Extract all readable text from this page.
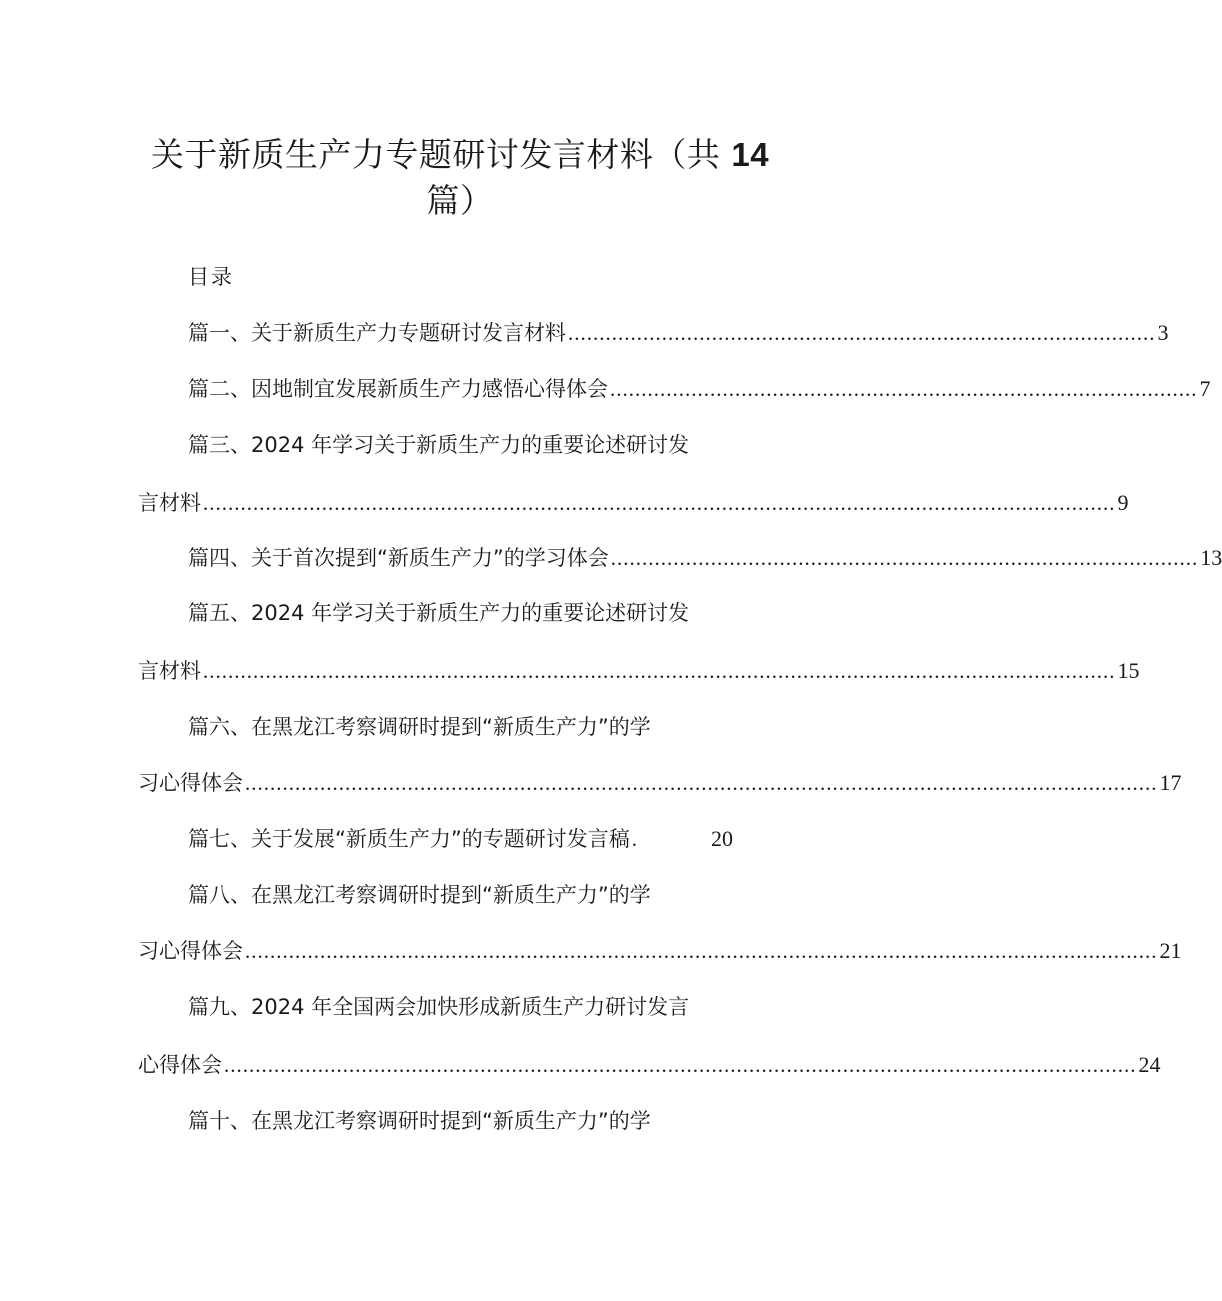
关于新质生产力专题研讨发言材料（共 14
篇）
目录
篇一、关于新质生产力专题研讨发言材料 .............................................................................................. 3
篇二、因地制宜发展新质生产力感悟心得体会 .............................................................................................. 7
篇三、2024 年学习关于新质生产力的重要论述研讨发
言材料 .................................................................................................................................................. 9
篇四、关于首次提到“新质生产力”的学习体会 .............................................................................................. 13
篇五、2024 年学习关于新质生产力的重要论述研讨发
言材料 .................................................................................................................................................. 15
篇六、在黑龙江考察调研时提到“新质生产力”的学
习心得体会 .................................................................................................................................................. 17
篇七、关于发展“新质生产力”的专题研讨发言稿 .	20
篇八、在黑龙江考察调研时提到“新质生产力”的学
习心得体会 .................................................................................................................................................. 21
篇九、2024 年全国两会加快形成新质生产力研讨发言
心得体会 .................................................................................................................................................. 24
篇十、在黑龙江考察调研时提到“新质生产力”的学
